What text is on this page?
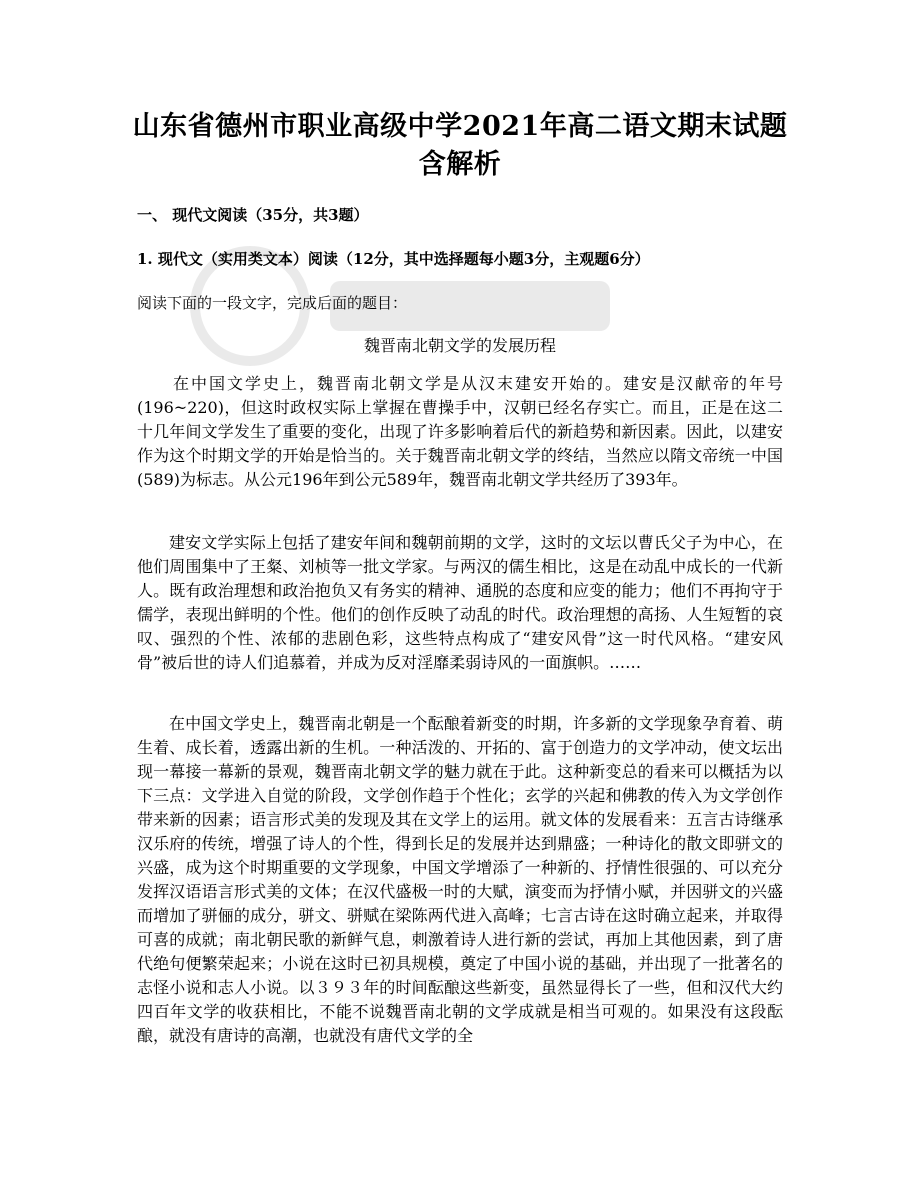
山东省德州市职业高级中学2021年高二语文期末试题
含解析
一、 现代文阅读（35分，共3题）
1. 现代文（实用类文本）阅读（12分，其中选择题每小题3分，主观题6分）
阅读下面的一段文字，完成后面的题目：
魏晋南北朝文学的发展历程
在中国文学史上，魏晋南北朝文学是从汉末建安开始的。建安是汉献帝的年号(196~220)，但这时政权实际上掌握在曹操手中，汉朝已经名存实亡。而且，正是在这二十几年间文学发生了重要的变化，出现了许多影响着后代的新趋势和新因素。因此，以建安作为这个时期文学的开始是恰当的。关于魏晋南北朝文学的终结，当然应以隋文帝统一中国(589)为标志。从公元196年到公元589年，魏晋南北朝文学共经历了393年。
建安文学实际上包括了建安年间和魏朝前期的文学，这时的文坛以曹氏父子为中心，在他们周围集中了王粲、刘桢等一批文学家。与两汉的儒生相比，这是在动乱中成长的一代新人。既有政治理想和政治抱负又有务实的精神、通脱的态度和应变的能力；他们不再拘守于儒学，表现出鲜明的个性。他们的创作反映了动乱的时代。政治理想的高扬、人生短暂的哀叹、强烈的个性、浓郁的悲剧色彩，这些特点构成了“建安风骨”这一时代风格。“建安风骨”被后世的诗人们追慕着，并成为反对淫靡柔弱诗风的一面旗帜。……
在中国文学史上，魏晋南北朝是一个酝酿着新变的时期，许多新的文学现象孕育着、萌生着、成长着，透露出新的生机。一种活泼的、开拓的、富于创造力的文学冲动，使文坛出现一幕接一幕新的景观，魏晋南北朝文学的魅力就在于此。这种新变总的看来可以概括为以下三点：文学进入自觉的阶段，文学创作趋于个性化；玄学的兴起和佛教的传入为文学创作带来新的因素；语言形式美的发现及其在文学上的运用。就文体的发展看来：五言古诗继承汉乐府的传统，增强了诗人的个性，得到长足的发展并达到鼎盛；一种诗化的散文即骈文的兴盛，成为这个时期重要的文学现象，中国文学增添了一种新的、抒情性很强的、可以充分发挥汉语语言形式美的文体；在汉代盛极一时的大赋，演变而为抒情小赋，并因骈文的兴盛而增加了骈俪的成分，骈文、骈赋在梁陈两代进入高峰；七言古诗在这时确立起来，并取得可喜的成就；南北朝民歌的新鲜气息，刺激着诗人进行新的尝试，再加上其他因素，到了唐代绝句便繁荣起来；小说在这时已初具规模，奠定了中国小说的基础，并出现了一批著名的志怪小说和志人小说。以３９３年的时间酝酿这些新变，虽然显得长了一些，但和汉代大约四百年文学的收获相比，不能不说魏晋南北朝的文学成就是相当可观的。如果没有这段酝酿，就没有唐诗的高潮，也就没有唐代文学的全
